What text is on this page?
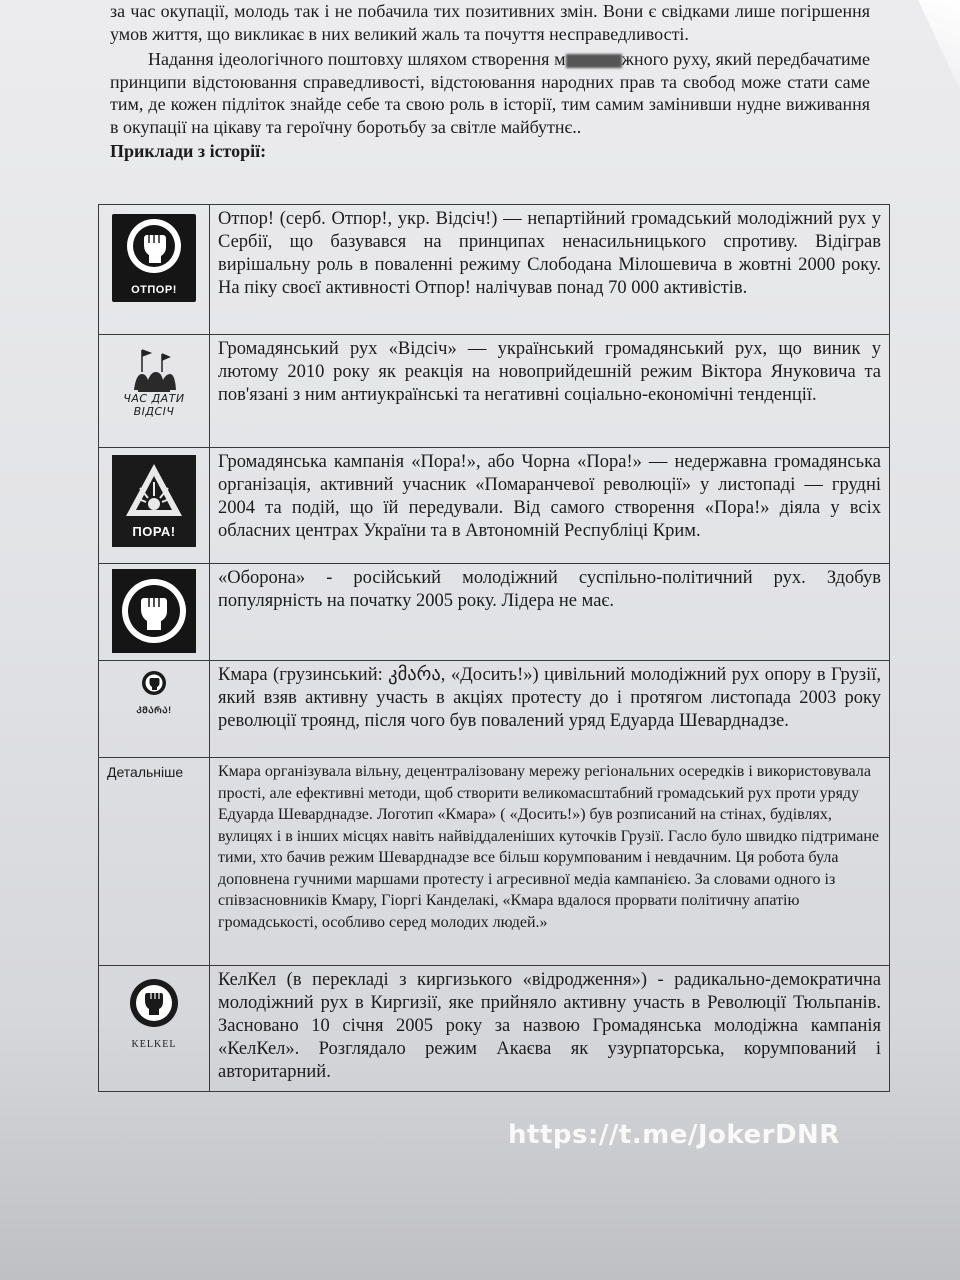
за час окупації, молодь так і не побачила тих позитивних змін. Вони є свідками лише погіршення умов життя, що викликає в них великий жаль та почуття несправедливості.

Надання ідеологічного поштовху шляхом створення м	жного руху, який передбачатиме принципи відстоювання справедливості, відстоювання народних прав та свобод може стати саме тим, де кожен підліток знайде себе та свою роль в історії, тим самим замінивши нудне виживання в окупації на цікаву та героїчну боротьбу за світле майбутнє..

Приклади з історії:

ОТПОР!	Отпор! (серб. Отпор!, укр. Відсіч!) — непартійний громадський молодіжний рух у Сербії, що базувався на принципах ненасильницького спротиву. Відіграв вирішальну роль в поваленні режиму Слободана Мілошевича в жовтні 2000 року. На піку своєї активності Отпор! налічував понад 70 000 активістів.

ЧАС ДАТИ
ВІДСІЧ	Громадянський рух «Відсіч» — український громадянський рух, що виник у лютому 2010 року як реакція на новоприйдешній режим Віктора Януковича та пов'язані з ним антиукраїнські та негативні соціально-економічні тенденції.

ПОРА!	Громадянська кампанія «Пора!», або Чорна «Пора!» — недержавна громадянська організація, активний учасник «Помаранчевої революції» у листопаді — грудні 2004 та подій, що їй передували. Від самого створення «Пора!» діяла у всіх обласних центрах України та в Автономній Республіці Крим.

	«Оборона» - російський молодіжний суспільно-політичний рух. Здобув популярність на початку 2005 року. Лідера не має.

ᲙᲛᲐᲠᲐ!	Кмара (грузинський: კმარა, «Досить!») цивільний молодіжний рух опору в Грузії, який взяв активну участь в акціях протесту до і протягом листопада 2003 року революції троянд, після чого був повалений уряд Едуарда Шеварднадзе.
Детальніше	Кмара організувала вільну, децентралізовану мережу регіональних осередків і використовувала прості, але ефективні методи, щоб створити великомасштабний громадський рух проти уряду Едуарда Шеварднадзе. Логотип «Кмара» ( «Досить!») був розписаний на стінах, будівлях, вулицях і в інших місцях навіть найвіддаленіших куточків Грузії. Гасло було швидко підтримане тими, хто бачив режим Шеварднадзе все більш корумпованим і невдачним. Ця робота була доповнена гучними маршами протесту і агресивної медіа кампанією. За словами одного із співзасновників Кмару, Гіоргі Канделакі, «Кмара вдалося прорвати політичну апатію громадськості, особливо серед молодих людей.»

KELKEL	КелКел (в перекладі з киргизького «відродження») - радикально-демократична молодіжний рух в Киргизії, яке прийняло активну участь в Революції Тюльпанів. Засновано 10 січня 2005 року за назвою Громадянська молодіжна кампанія «КелКел». Розглядало режим Акаєва як узурпаторська, корумпований і авторитарний.
https://t.me/JokerDNR
